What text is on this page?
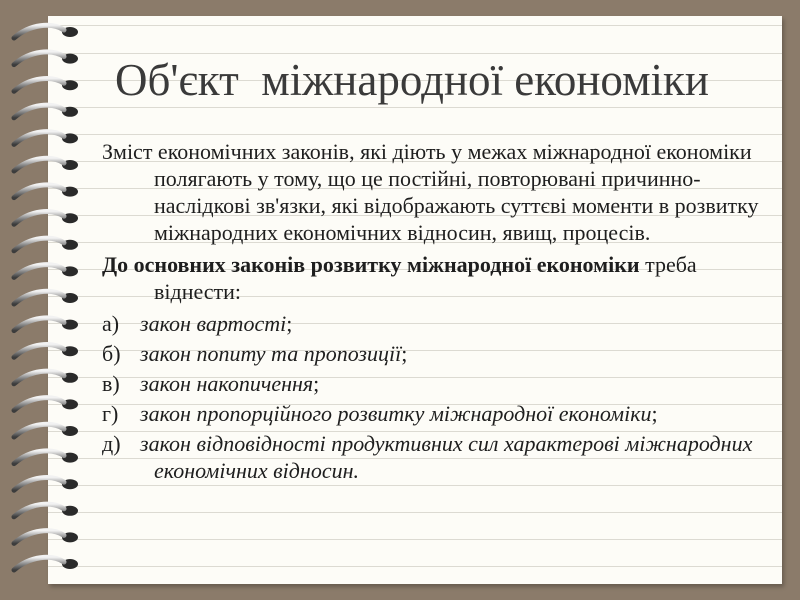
Об'єкт  міжнародної економіки

Зміст економічних законів, які діють у межах міжнародної економіки полягають у тому, що це постійні, повторювані причинно-наслідкові зв'язки, які відображають суттєві моменти в розвитку міжнародних економічних відносин, явищ, процесів.

До основних законів розвитку міжнародної економіки треба віднести:

а) закон вартості;
б) закон попиту та пропозиції;
в) закон накопичення;
г) закон пропорційного розвитку міжнародної економіки;
д) закон відповідності продуктивних сил характерові міжнародних економічних відносин.
